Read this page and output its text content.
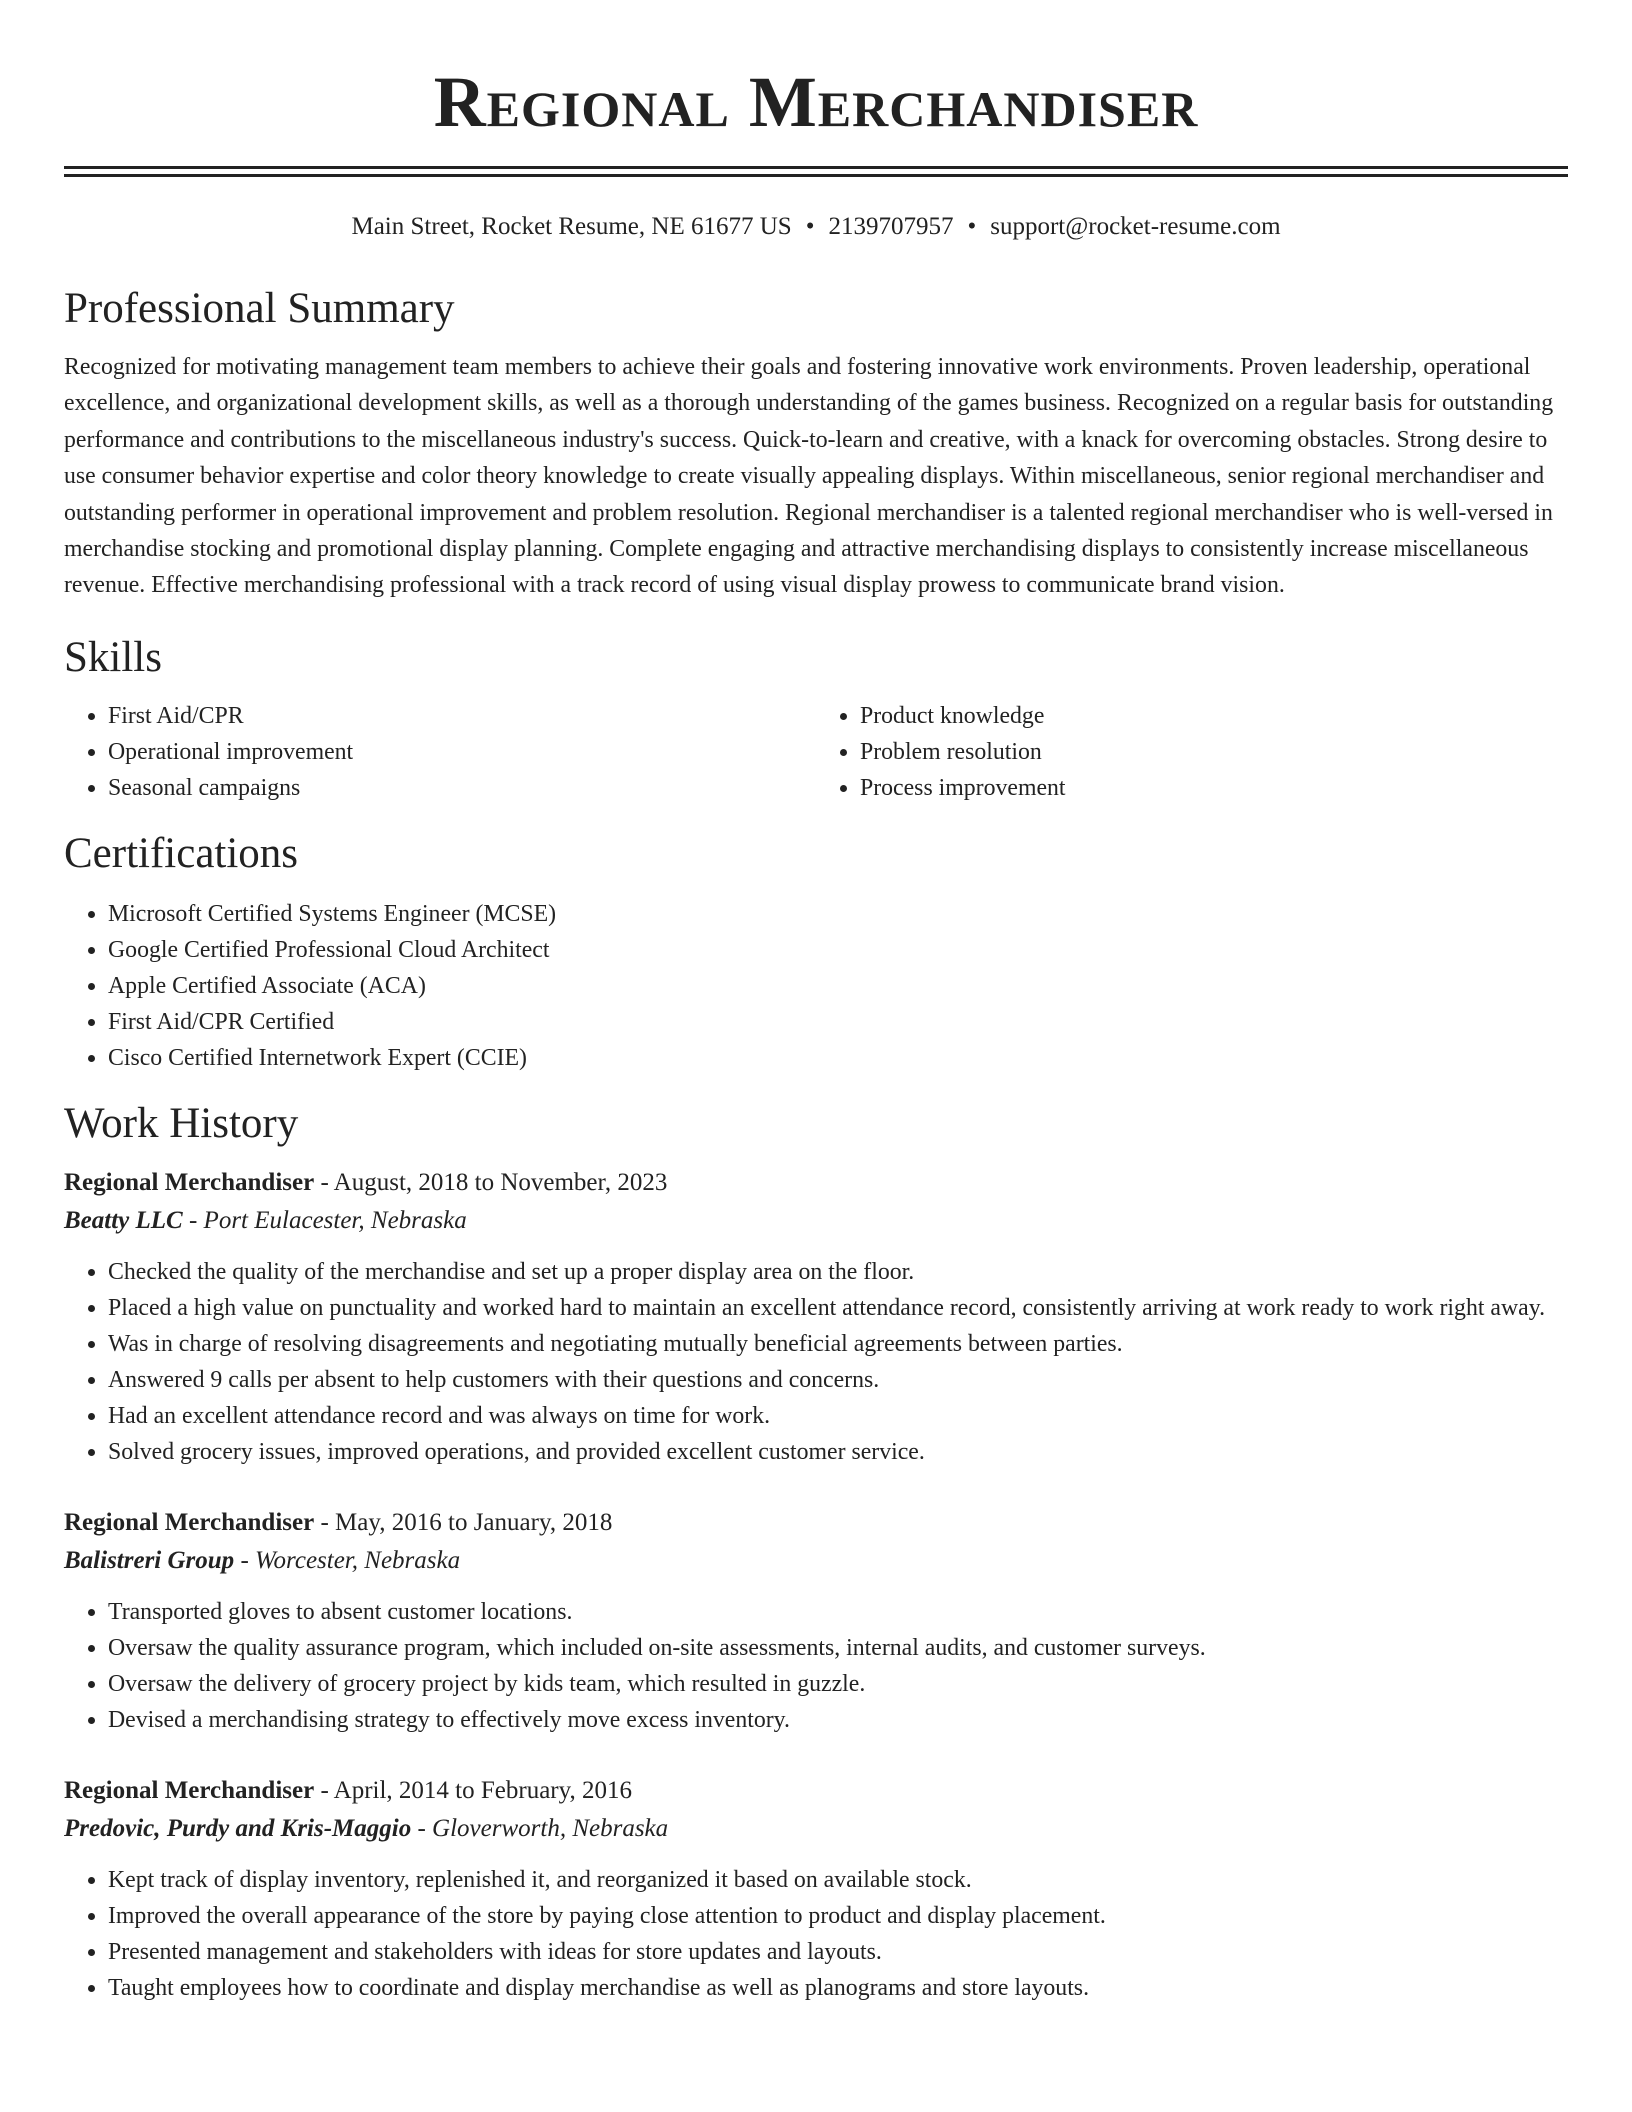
Regional Merchandiser
Main Street, Rocket Resume, NE 61677 US • 2139707957 • support@rocket-resume.com
Professional Summary
Recognized for motivating management team members to achieve their goals and fostering innovative work environments. Proven leadership, operational excellence, and organizational development skills, as well as a thorough understanding of the games business. Recognized on a regular basis for outstanding performance and contributions to the miscellaneous industry's success. Quick-to-learn and creative, with a knack for overcoming obstacles. Strong desire to use consumer behavior expertise and color theory knowledge to create visually appealing displays. Within miscellaneous, senior regional merchandiser and outstanding performer in operational improvement and problem resolution. Regional merchandiser is a talented regional merchandiser who is well-versed in merchandise stocking and promotional display planning. Complete engaging and attractive merchandising displays to consistently increase miscellaneous revenue. Effective merchandising professional with a track record of using visual display prowess to communicate brand vision.
Skills
• First Aid/CPR
• Operational improvement
• Seasonal campaigns
• Product knowledge
• Problem resolution
• Process improvement
Certifications
• Microsoft Certified Systems Engineer (MCSE)
• Google Certified Professional Cloud Architect
• Apple Certified Associate (ACA)
• First Aid/CPR Certified
• Cisco Certified Internetwork Expert (CCIE)
Work History
Regional Merchandiser - August, 2018 to November, 2023
Beatty LLC - Port Eulacester, Nebraska
• Checked the quality of the merchandise and set up a proper display area on the floor.
• Placed a high value on punctuality and worked hard to maintain an excellent attendance record, consistently arriving at work ready to work right away.
• Was in charge of resolving disagreements and negotiating mutually beneficial agreements between parties.
• Answered 9 calls per absent to help customers with their questions and concerns.
• Had an excellent attendance record and was always on time for work.
• Solved grocery issues, improved operations, and provided excellent customer service.
Regional Merchandiser - May, 2016 to January, 2018
Balistreri Group - Worcester, Nebraska
• Transported gloves to absent customer locations.
• Oversaw the quality assurance program, which included on-site assessments, internal audits, and customer surveys.
• Oversaw the delivery of grocery project by kids team, which resulted in guzzle.
• Devised a merchandising strategy to effectively move excess inventory.
Regional Merchandiser - April, 2014 to February, 2016
Predovic, Purdy and Kris-Maggio - Gloverworth, Nebraska
• Kept track of display inventory, replenished it, and reorganized it based on available stock.
• Improved the overall appearance of the store by paying close attention to product and display placement.
• Presented management and stakeholders with ideas for store updates and layouts.
• Taught employees how to coordinate and display merchandise as well as planograms and store layouts.
